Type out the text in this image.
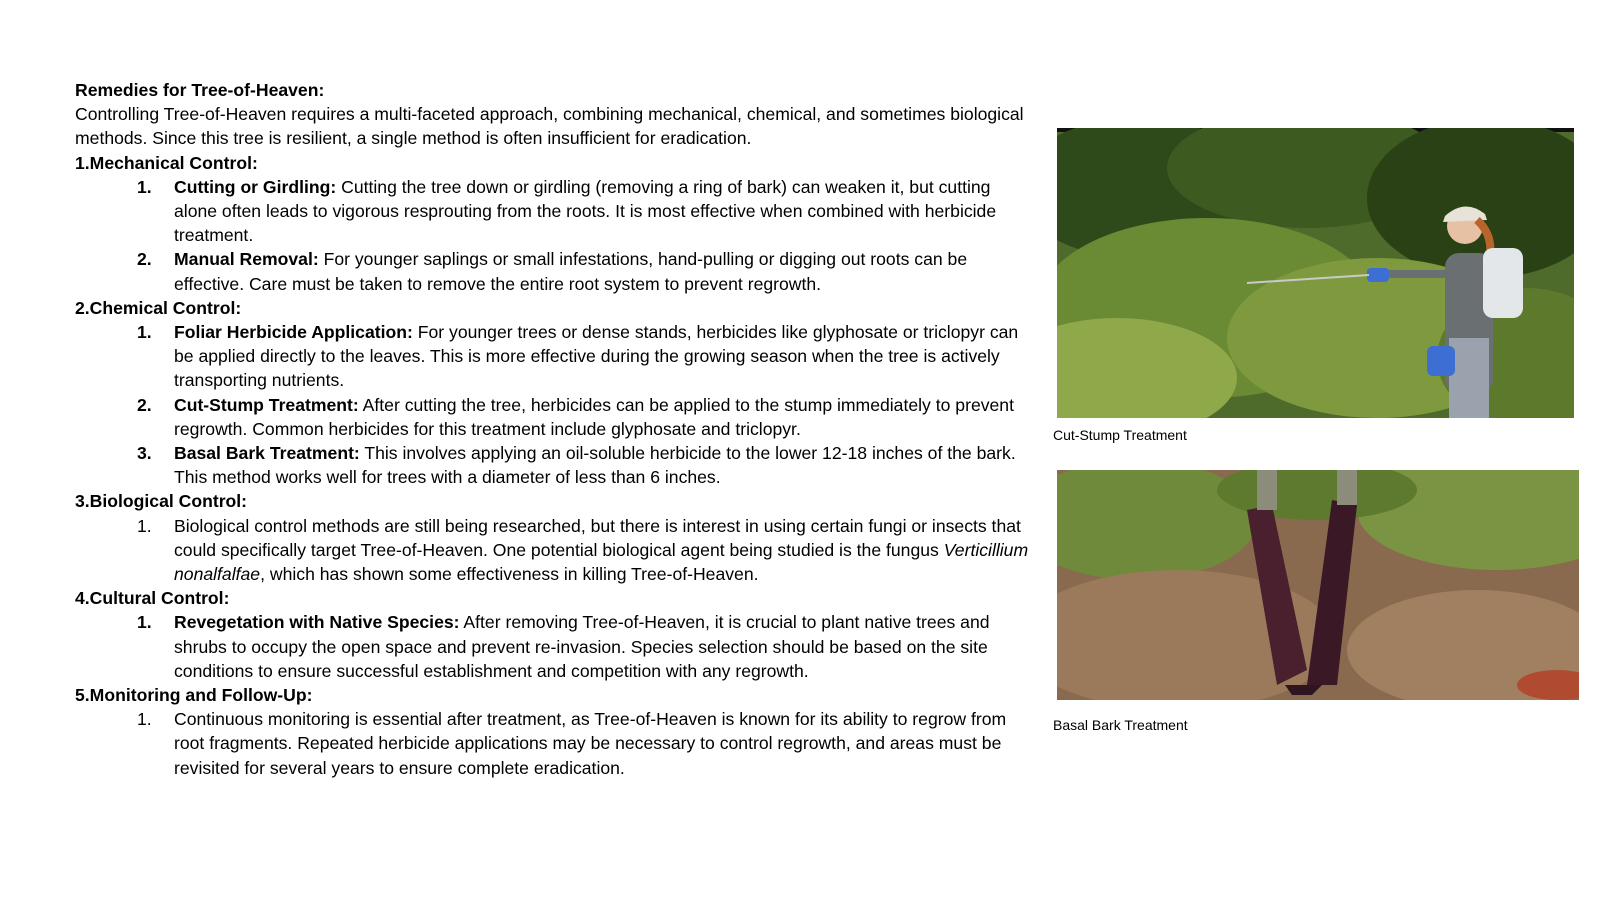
Remedies for Tree-of-Heaven:
Controlling Tree-of-Heaven requires a multi-faceted approach, combining mechanical, chemical, and sometimes biological methods. Since this tree is resilient, a single method is often insufficient for eradication.
1.Mechanical Control:
1. Cutting or Girdling: Cutting the tree down or girdling (removing a ring of bark) can weaken it, but cutting alone often leads to vigorous resprouting from the roots. It is most effective when combined with herbicide treatment.
2. Manual Removal: For younger saplings or small infestations, hand-pulling or digging out roots can be effective. Care must be taken to remove the entire root system to prevent regrowth.
2.Chemical Control:
1. Foliar Herbicide Application: For younger trees or dense stands, herbicides like glyphosate or triclopyr can be applied directly to the leaves. This is more effective during the growing season when the tree is actively transporting nutrients.
2. Cut-Stump Treatment: After cutting the tree, herbicides can be applied to the stump immediately to prevent regrowth. Common herbicides for this treatment include glyphosate and triclopyr.
3. Basal Bark Treatment: This involves applying an oil-soluble herbicide to the lower 12-18 inches of the bark. This method works well for trees with a diameter of less than 6 inches.
3.Biological Control:
1. Biological control methods are still being researched, but there is interest in using certain fungi or insects that could specifically target Tree-of-Heaven. One potential biological agent being studied is the fungus Verticillium nonalfalfae, which has shown some effectiveness in killing Tree-of-Heaven.
4.Cultural Control:
1. Revegetation with Native Species: After removing Tree-of-Heaven, it is crucial to plant native trees and shrubs to occupy the open space and prevent re-invasion. Species selection should be based on the site conditions to ensure successful establishment and competition with any regrowth.
5.Monitoring and Follow-Up:
1. Continuous monitoring is essential after treatment, as Tree-of-Heaven is known for its ability to regrow from root fragments. Repeated herbicide applications may be necessary to control regrowth, and areas must be revisited for several years to ensure complete eradication.
Cut-Stump Treatment
Basal Bark Treatment
